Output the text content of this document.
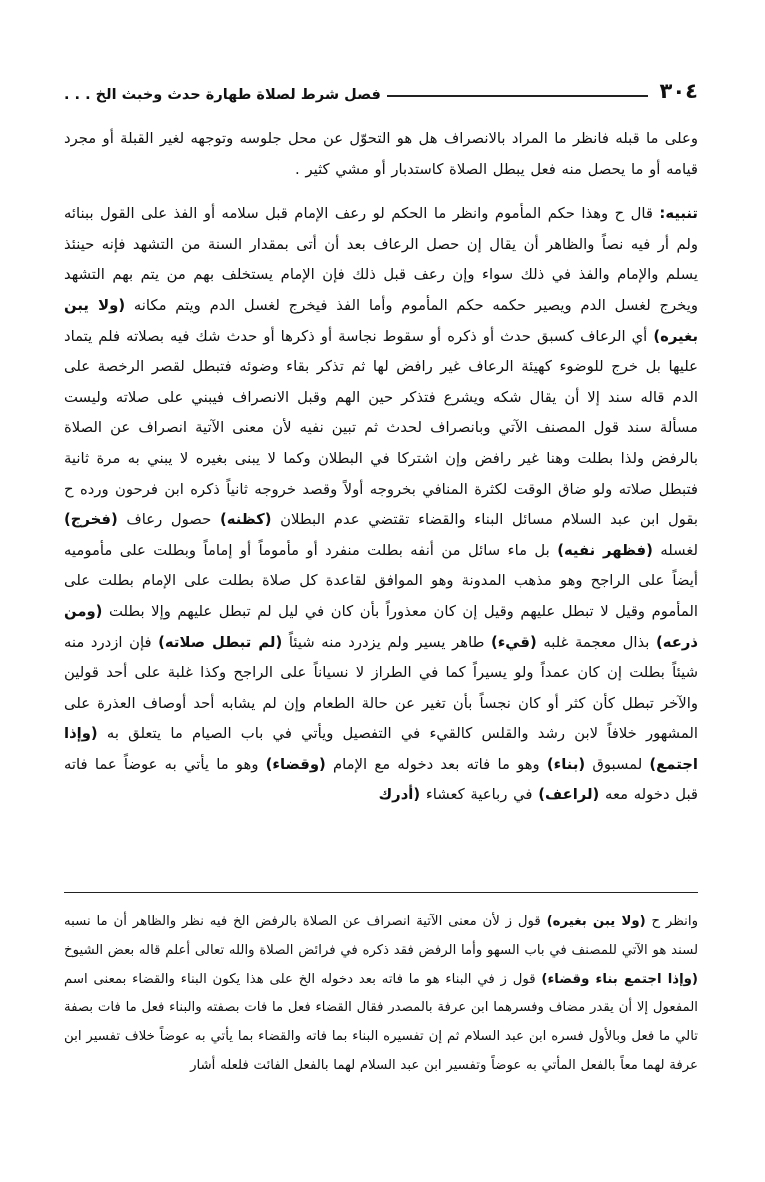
٣٠٤
فصل شرط لصلاة طهارة حدث وخبث الخ . . .

وعلى ما قبله فانظر ما المراد بالانصراف هل هو التحوّل عن محل جلوسه وتوجهه لغير القبلة أو مجرد قيامه أو ما يحصل منه فعل يبطل الصلاة كاستدبار أو مشي كثير .

تنبيه: قال ح وهذا حكم المأموم وانظر ما الحكم لو رعف الإمام قبل سلامه أو الفذ على القول ببنائه ولم أر فيه نصاً والظاهر أن يقال إن حصل الرعاف بعد أن أتى بمقدار السنة من التشهد فإنه حينئذ يسلم والإمام والفذ في ذلك سواء وإن رعف قبل ذلك فإن الإمام يستخلف بهم من يتم بهم التشهد ويخرج لغسل الدم ويصير حكمه حكم المأموم وأما الفذ فيخرج لغسل الدم ويتم مكانه (ولا يبن بغيره) أي الرعاف كسبق حدث أو ذكره أو سقوط نجاسة أو ذكرها أو حدث شك فيه بصلاته فلم يتماد عليها بل خرج للوضوء كهيئة الرعاف غير رافض لها ثم تذكر بقاء وضوئه فتبطل لقصر الرخصة على الدم قاله سند إلا أن يقال شكه ويشرع فتذكر حين الهم وقبل الانصراف فيبني على صلاته وليست مسألة سند قول المصنف الآتي وبانصراف لحدث ثم تبين نفيه لأن معنى الآتية انصراف عن الصلاة بالرفض ولذا بطلت وهنا غير رافض وإن اشتركا في البطلان وكما لا يبنى بغيره لا يبني به مرة ثانية فتبطل صلاته ولو ضاق الوقت لكثرة المنافي بخروجه أولاً وقصد خروجه ثانياً ذكره ابن فرحون ورده ح بقول ابن عبد السلام مسائل البناء والقضاء تقتضي عدم البطلان (كظنه) حصول رعاف (فخرج) لغسله (فظهر نفيه) بل ماء سائل من أنفه بطلت منفرد أو مأموماً أو إماماً وبطلت على مأموميه أيضاً على الراجح وهو مذهب المدونة وهو الموافق لقاعدة كل صلاة بطلت على الإمام بطلت على المأموم وقيل لا تبطل عليهم وقيل إن كان معذوراً بأن كان في ليل لم تبطل عليهم وإلا بطلت (ومن ذرعه) بذال معجمة غلبه (قيء) طاهر يسير ولم يزدرد منه شيئاً (لم تبطل صلاته) فإن ازدرد منه شيئاً بطلت إن كان عمداً ولو يسيراً كما في الطراز لا نسياناً على الراجح وكذا غلبة على أحد قولين والآخر تبطل كأن كثر أو كان نجساً بأن تغير عن حالة الطعام وإن لم يشابه أحد أوصاف العذرة على المشهور خلافاً لابن رشد والقلس كالقيء في التفصيل ويأتي في باب الصيام ما يتعلق به (وإذا اجتمع) لمسبوق (بناء) وهو ما فاته بعد دخوله مع الإمام (وقضاء) وهو ما يأتي به عوضاً عما فاته قبل دخوله معه (لراعف) في رباعية كعشاء (أدرك

وانظر ح (ولا يبن بغيره) قول ز لأن معنى الآتية انصراف عن الصلاة بالرفض الخ فيه نظر والظاهر أن ما نسبه لسند هو الآتي للمصنف في باب السهو وأما الرفض فقد ذكره في فرائض الصلاة والله تعالى أعلم قاله بعض الشيوخ (وإذا اجتمع بناء وقضاء) قول ز في البناء هو ما فاته بعد دخوله الخ على هذا يكون البناء والقضاء بمعنى اسم المفعول إلا أن يقدر مضاف وفسرهما ابن عرفة بالمصدر فقال القضاء فعل ما فات بصفته والبناء فعل ما فات بصفة تالي ما فعل وبالأول فسره ابن عبد السلام ثم إن تفسيره البناء بما فاته والقضاء بما يأتي به عوضاً خلاف تفسير ابن عرفة لهما معاً بالفعل المأتي به عوضاً وتفسير ابن عبد السلام لهما بالفعل الفائت فلعله أشار
